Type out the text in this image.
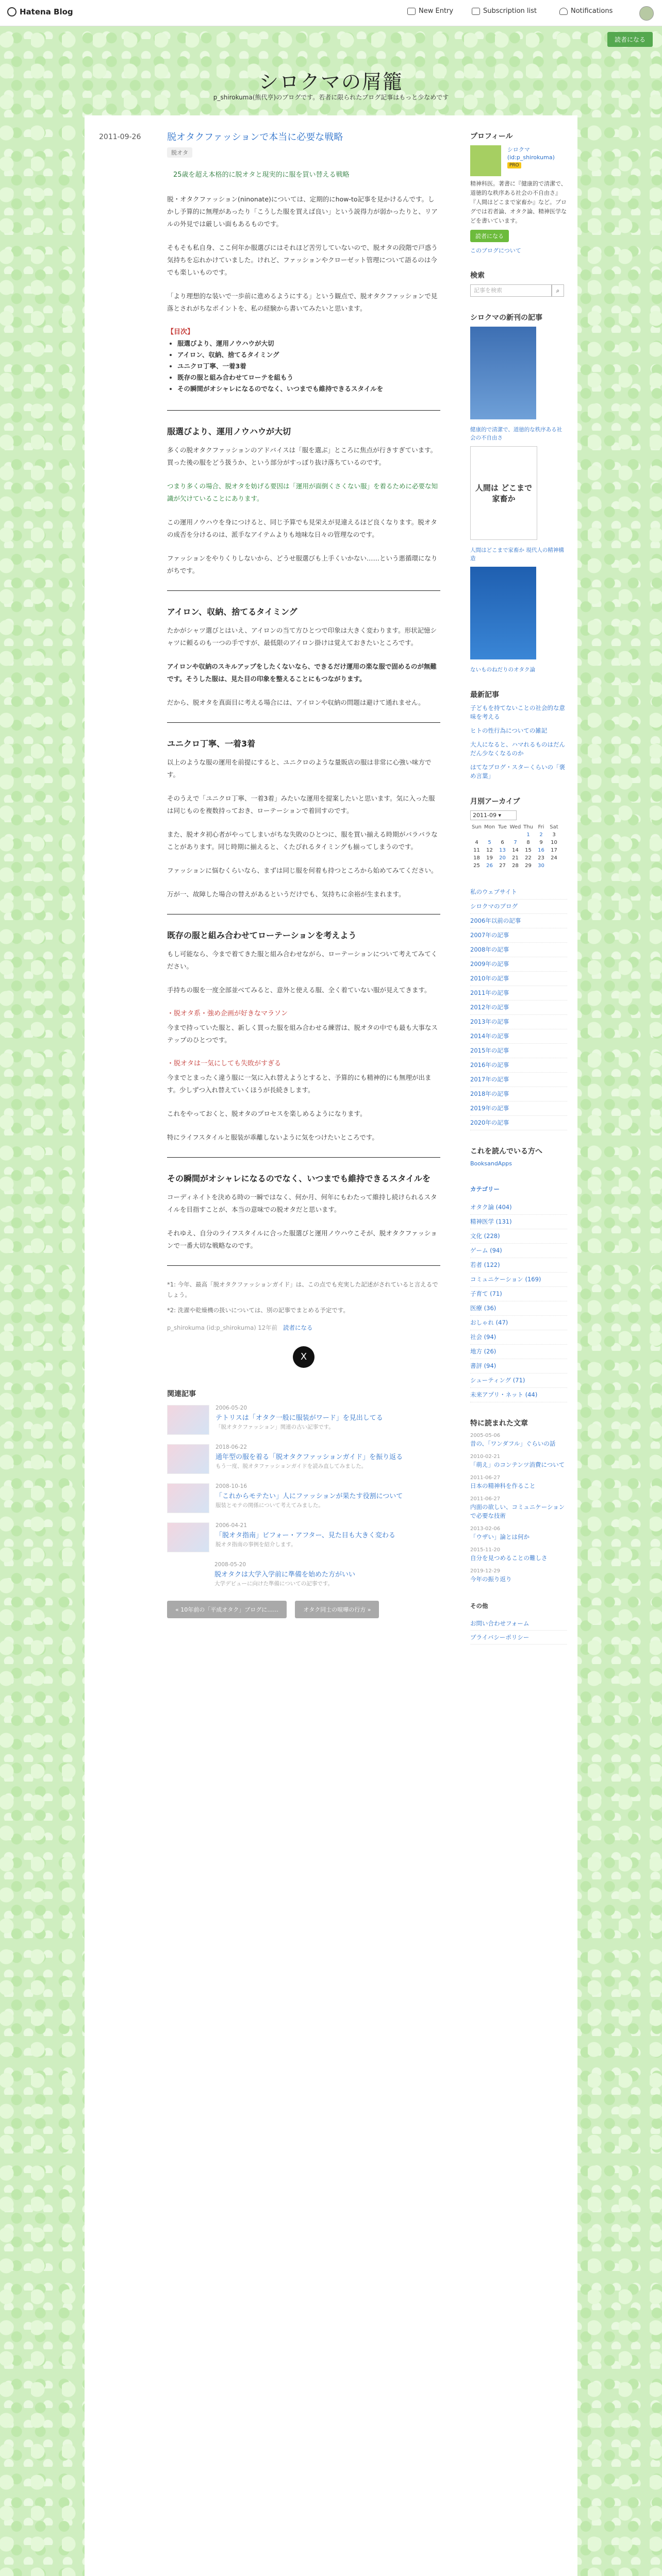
Hatena Blog	New Entry	Subscription list	Notifications
読者になる
シロクマの屑籠
p_shirokuma(熊代亨)のブログです。若者に限られたブログ記事はもっと少なめです
2011-09-26	脱オタクファッションで本当に必要な戦略
脱オタ
25歳を超え本格的に脱オタと現実的に服を買い替える戦略

脱・オタクファッション(ninonate)については、定期的にhow-to記事を見かけるんです。しかし予算的に無理があったり「こうした服を買えば良い」という説得力が弱かったりと、リアルの外見では厳しい面もあるものです。

そもそも私自身、ここ何年か服選びにはそれほど苦労していないので、脱オタの段階で戸惑う気持ちを忘れかけていました。けれど、ファッションやクローゼット管理について語るのは今でも楽しいものです。

「より理想的な装いで一歩前に進めるようにする」という観点で、脱オタクファッションで見落とされがちなポイントを、私の経験から書いてみたいと思います。

【目次】
• 服選びより、運用ノウハウが大切
• アイロン、収納、捨てるタイミング
• ユニクロ丁寧、一着3着
• 既存の服と組み合わせてローテを組もう
• その瞬間がオシャレになるのでなく、いつまでも維持できるスタイルを
服選びより、運用ノウハウが大切

多くの脱オタクファッションのアドバイスは「服を選ぶ」ところに焦点が行きすぎています。買った後の服をどう扱うか、という部分がすっぽり抜け落ちているのです。

つまり多くの場合、脱オタを妨げる要因は「運用が面倒くさくない服」を着るために必要な知識が欠けていることにあります。

この運用ノウハウを身につけると、同じ予算でも見栄えが見違えるほど良くなります。脱オタの成否を分けるのは、派手なアイテムよりも地味な日々の管理なのです。

ファッションをやりくりしないから、どうせ服選びも上手くいかない……という悪循環になりがちです。

アイロン、収納、捨てるタイミング

たかがシャツ選びとはいえ、アイロンの当て方ひとつで印象は大きく変わります。形状記憶シャツに頼るのも一つの手ですが、最低限のアイロン掛けは覚えておきたいところです。

アイロンや収納のスキルアップをしたくないなら、できるだけ運用の楽な服で固めるのが無難です。そうした服は、見た目の印象を整えることにもつながります。

だから、脱オタを真面目に考える場合には、アイロンや収納の問題は避けて通れません。

ユニクロ丁寧、一着3着

以上のような服の運用を前提にすると、ユニクロのような量販店の服は非常に心強い味方です。

そのうえで「ユニクロ丁寧、一着3着」みたいな運用を提案したいと思います。気に入った服は同じものを複数持っておき、ローテーションで着回すのです。

また、脱オタ初心者がやってしまいがちな失敗のひとつに、服を買い揃える時期がバラバラなことがあります。同じ時期に揃えると、くたびれるタイミングも揃ってしまうのです。

ファッションに悩むくらいなら、まずは同じ服を何着も持つところから始めてみてください。

万が一、故障した場合の替えがあるというだけでも、気持ちに余裕が生まれます。

既存の服と組み合わせてローテーションを考えよう

もし可能なら、今まで着てきた服と組み合わせながら、ローテーションについて考えてみてください。

手持ちの服を一度全部並べてみると、意外と使える服、全く着ていない服が見えてきます。

・脱オタ系・強め企画が好きなマラソン

今まで持っていた服と、新しく買った服を組み合わせる練習は、脱オタの中でも最も大事なステップのひとつです。

・脱オタは一気にしても失敗がすぎる

今までとまったく違う服に一気に入れ替えようとすると、予算的にも精神的にも無理が出ます。少しずつ入れ替えていくほうが長続きします。

これをやっておくと、脱オタのプロセスを楽しめるようになります。

特にライフスタイルと服装が乖離しないように気をつけたいところです。

その瞬間がオシャレになるのでなく、いつまでも維持できるスタイルを

コーディネイトを決める時の一瞬ではなく、何か月、何年にもわたって維持し続けられるスタイルを目指すことが、本当の意味での脱オタだと思います。

それゆえ、自分のライフスタイルに合った服選びと運用ノウハウこそが、脱オタクファッションで一番大切な戦略なのです。

*1: 今年、最高「脱オタクファッションガイド」は、この点でも充実した記述がされていると言えるでしょう。
*2: 洗濯や乾燥機の扱いについては、別の記事でまとめる予定です。
p_shirokuma (id:p_shirokuma) 12年前 読者になる
X
関連記事
2006-05-20
テトリスは「オタク一般に服装がワード」を見出してる
「脱オタクファッション」関連の古い記事です。
2018-06-22
通年型の服を着る「脱オタクファッションガイド」を振り返る
もう一度、脱オタファッションガイドを読み直してみました。
2008-10-16
「これからモテたい」人にファッションが果たす役割について
服装とモテの関係について考えてみました。
2006-04-21
「脱オタ指南」ビフォー・アフター、見た目も大きく変わる
脱オタ指南の事例を紹介します。
2008-05-20
脱オタクは大学入学前に準備を始めた方がいい
大学デビューに向けた準備についての記事です。
« 10年前の「平成オタク」ブログに……	オタク同士の喧嘩の行方 »
プロフィール
シロクマ (id:p_shirokuma)
PRO
精神科医。著書に『健康的で清潔で、道徳的な秩序ある社会の不自由さ』『人間はどこまで家畜か』など。ブログでは若者論、オタク論、精神医学などを書いています。
読者になる
このブログについて
検索
記事を検索	⌕
シロクマの新刊の記事
健康的で清潔で、道徳的な秩序ある社会の不自由さ
人間は どこまで 家畜か
人間はどこまで家畜か 現代人の精神構造
ないものねだりのオタク論
最新記事
子どもを持てないことの社会的な意味を考える
ヒトの性行為についての雑記
大人になると、ハマれるものはだんだん少なくなるのか
はてなブログ・スターくらいの「褒め言葉」
月別アーカイブ
2011-09 ▾
Sun	Mon	Tue	Wed	Thu	Fri	Sat
				1	2	3
4	5	6	7	8	9	10
11	12	13	14	15	16	17
18	19	20	21	22	23	24
25	26	27	28	29	30	
私のウェブサイト
シロクマのブログ
2006年以前の記事
2007年の記事
2008年の記事
2009年の記事
2010年の記事
2011年の記事
2012年の記事
2013年の記事
2014年の記事
2015年の記事
2016年の記事
2017年の記事
2018年の記事
2019年の記事
2020年の記事
これを読んでいる方へ
BooksandApps
カテゴリー
オタク論 (404)
精神医学 (131)
文化 (228)
ゲーム (94)
若者 (122)
コミュニケーション (169)
子育て (71)
医療 (36)
おしゃれ (47)
社会 (94)
地方 (26)
書評 (94)
シューティング (71)
未来アプリ・ネット (44)
特に読まれた文章
2005-05-06
昔の、「ワンダフル」ぐらいの話
2010-02-21
「萌え」のコンテンツ消費について
2011-06-27
日本の精神科を作ること
2011-06-27
内面の欲しい、コミュニケーションで必要な技術
2013-02-06
「ウザい」論とは何か
2015-11-20
自分を見つめることの難しさ
2019-12-29
今年の振り返り
その他
お問い合わせフォーム
プライバシーポリシー
